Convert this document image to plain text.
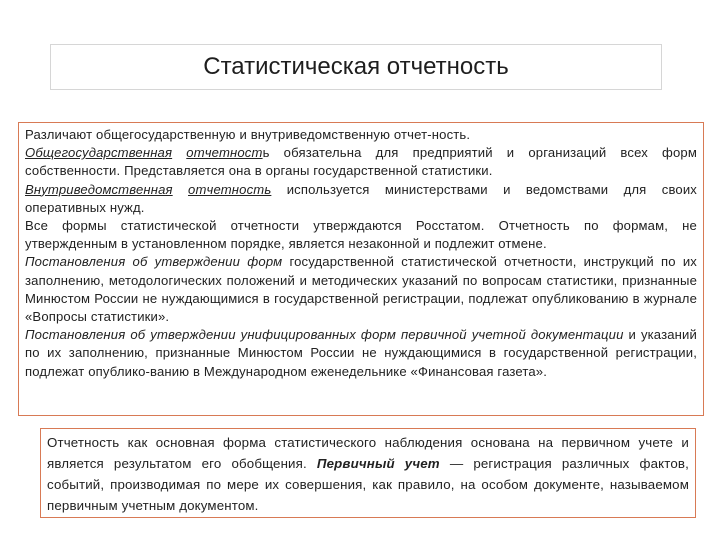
Статистическая отчетность

Различают общегосударственную и внутриведомственную отчет-ность.

Общегосударственная отчетность обязательна для предприятий и организаций всех форм собственности. Представляется она в органы государственной статистики.

Внутриведомственная отчетность используется министерствами и ведомствами для своих оперативных нужд.

Все формы статистической отчетности утверждаются Росстатом. Отчетность по формам, не утвержденным в установленном порядке, является незаконной и подлежит отмене.

Постановления об утверждении форм государственной статистической отчетности, инструкций по их заполнению, методологических положений и методических указаний по вопросам статистики, признанные Минюстом России не нуждающимися в государственной регистрации, подлежат опубликованию в журнале «Вопросы статистики».

Постановления об утверждении унифицированных форм первичной учетной документации и указаний по их заполнению, признанные Минюстом России не нуждающимися в государственной регистрации, подлежат опублико-ванию в Международном еженедельнике «Финансовая газета».

Отчетность как основная форма статистического наблюдения основана на первичном учете и является результатом его обобщения. Первичный учет — регистрация различных фактов, событий, производимая по мере их совершения, как правило, на особом документе, называемом первичным учетным документом.
